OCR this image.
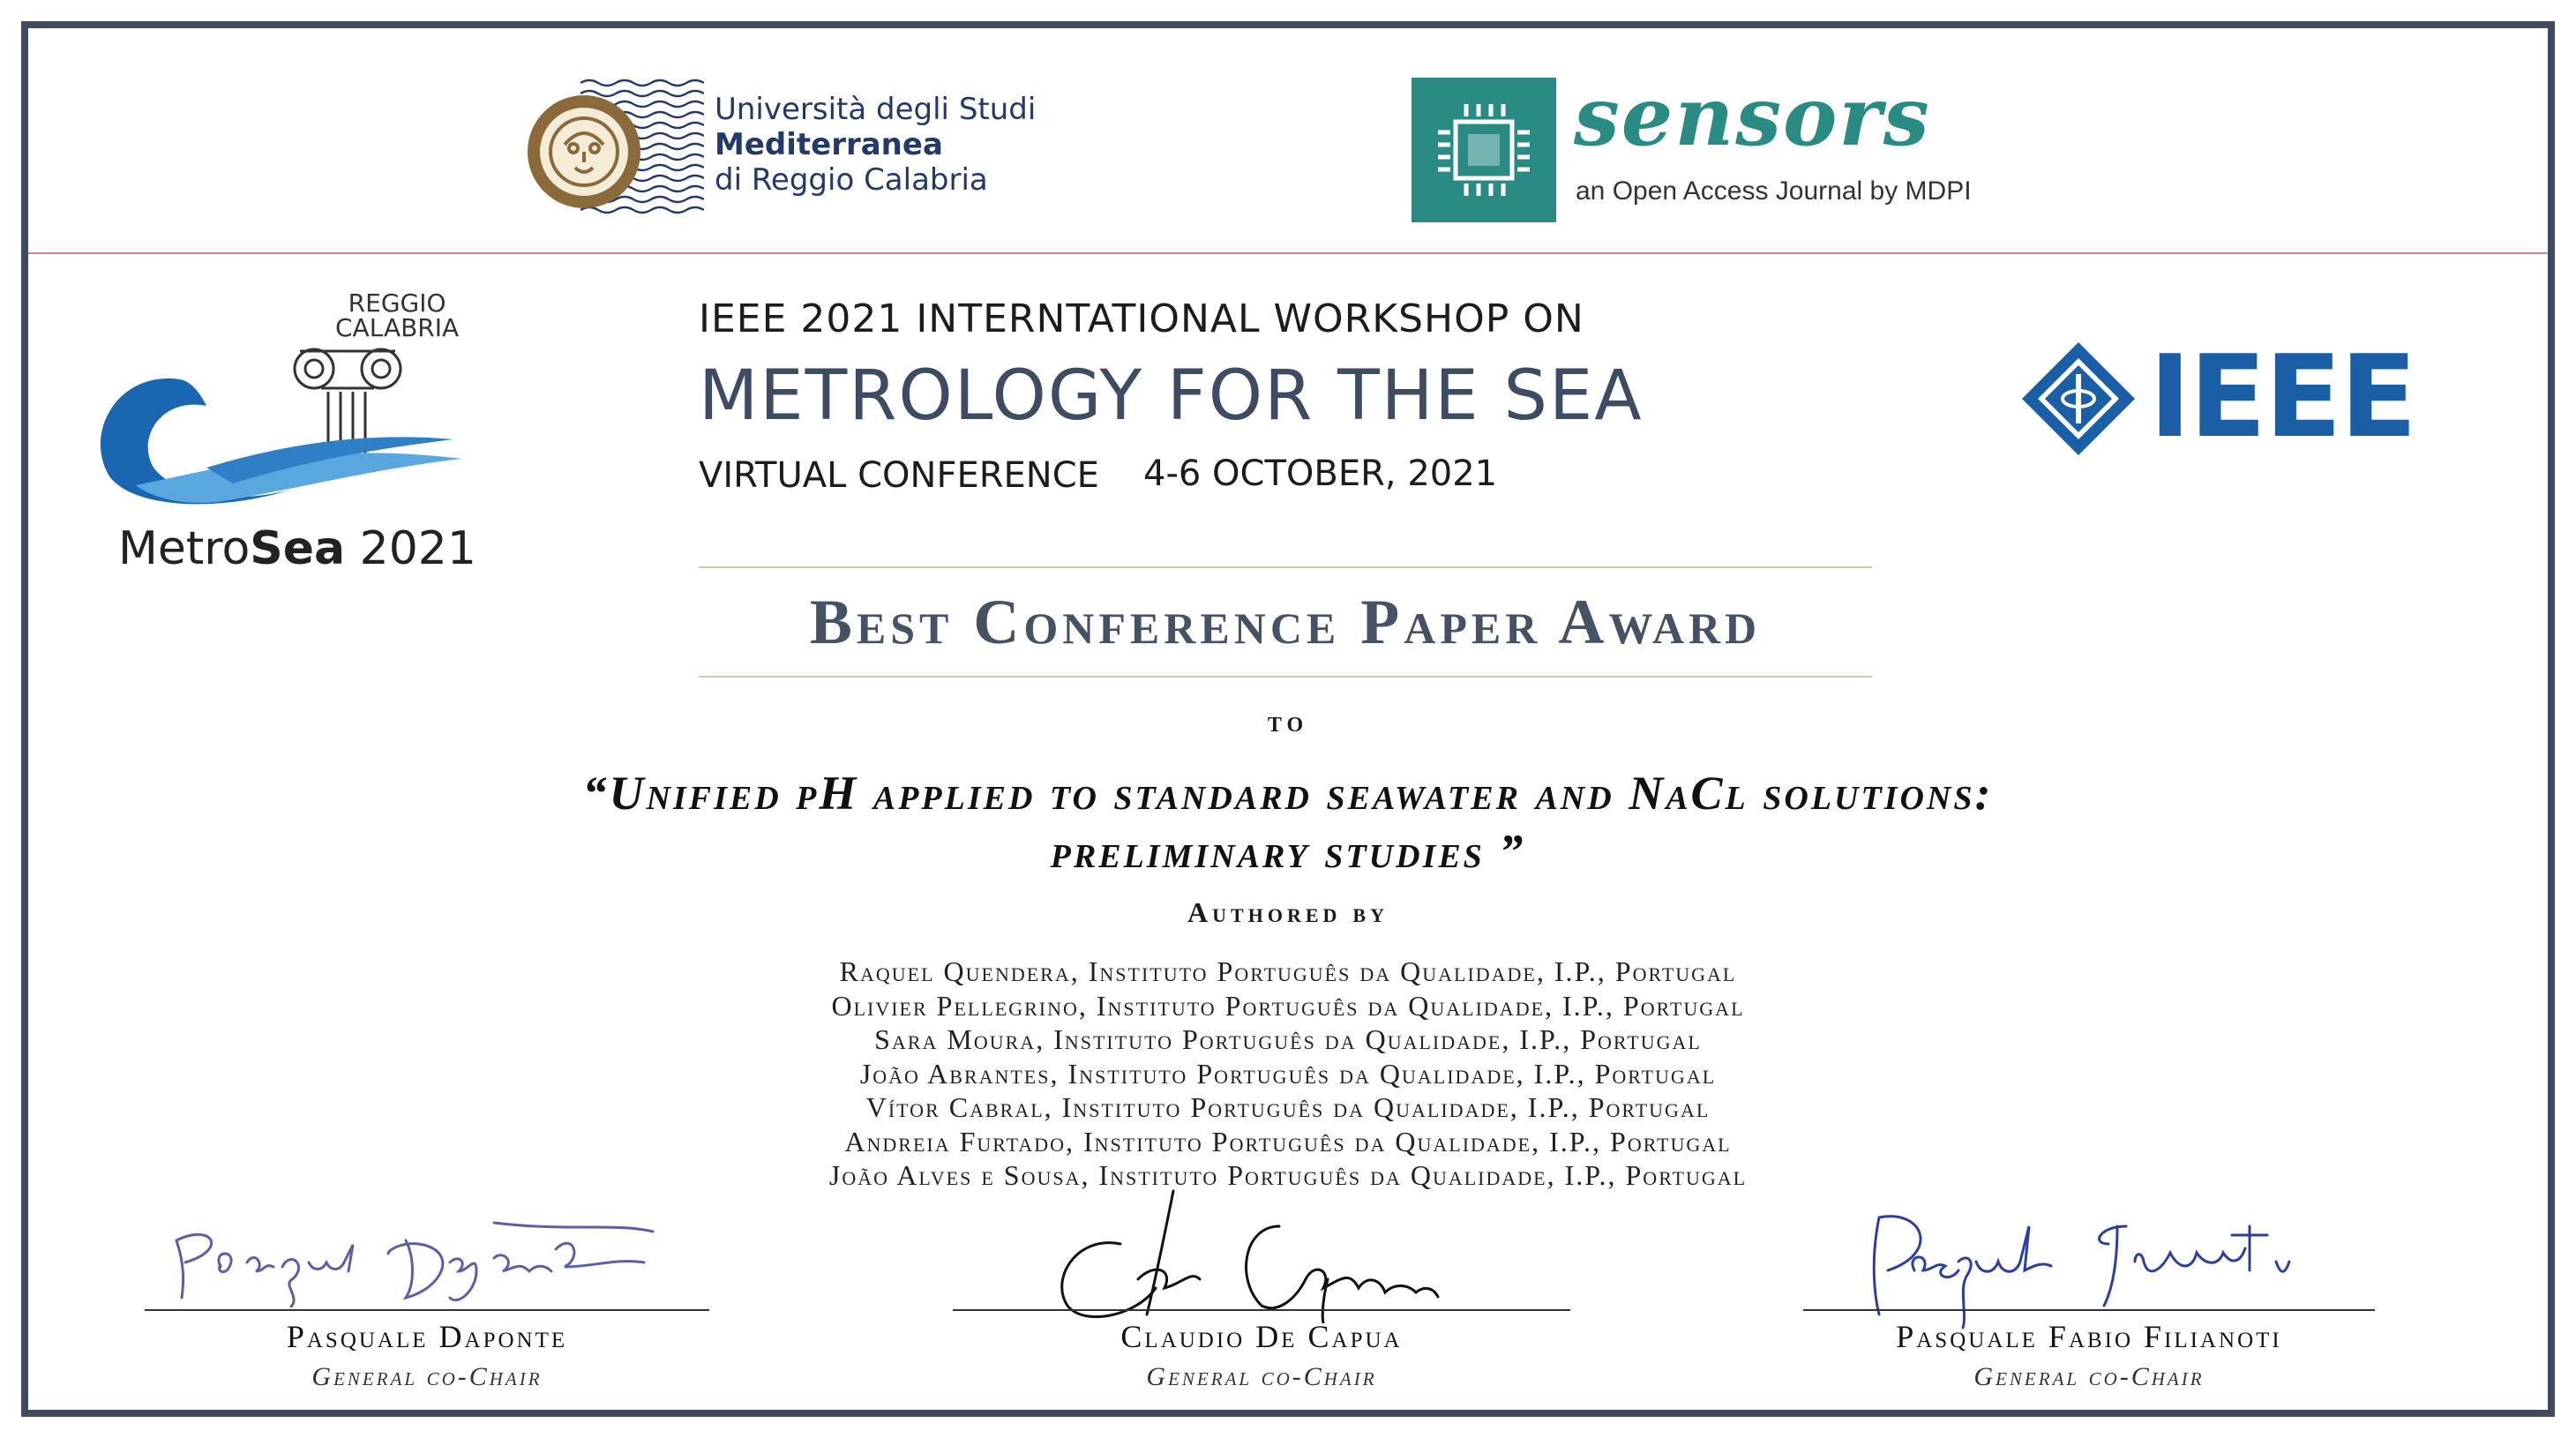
Università degli Studi
Mediterranea
di Reggio Calabria
sensors
an Open Access Journal by MDPI
REGGIO
CALABRIA
MetroSea 2021
IEEE 2021 INTERNTATIONAL WORKSHOP ON
METROLOGY FOR THE SEA
VIRTUAL CONFERENCE 4-6 OCTOBER, 2021
IEEE
Best Conference Paper Award
to
“Unified pH applied to standard seawater and NaCl solutions:
preliminary studies ”
Authored by
Raquel Quendera, Instituto Português da Qualidade, I.P., Portugal
Olivier Pellegrino, Instituto Português da Qualidade, I.P., Portugal
Sara Moura, Instituto Português da Qualidade, I.P., Portugal
João Abrantes, Instituto Português da Qualidade, I.P., Portugal
Vítor Cabral, Instituto Português da Qualidade, I.P., Portugal
Andreia Furtado, Instituto Português da Qualidade, I.P., Portugal
João Alves e Sousa, Instituto Português da Qualidade, I.P., Portugal
Pasquale Daponte
General co-Chair
Claudio De Capua
General co-Chair
Pasquale Fabio Filianoti
General co-Chair
